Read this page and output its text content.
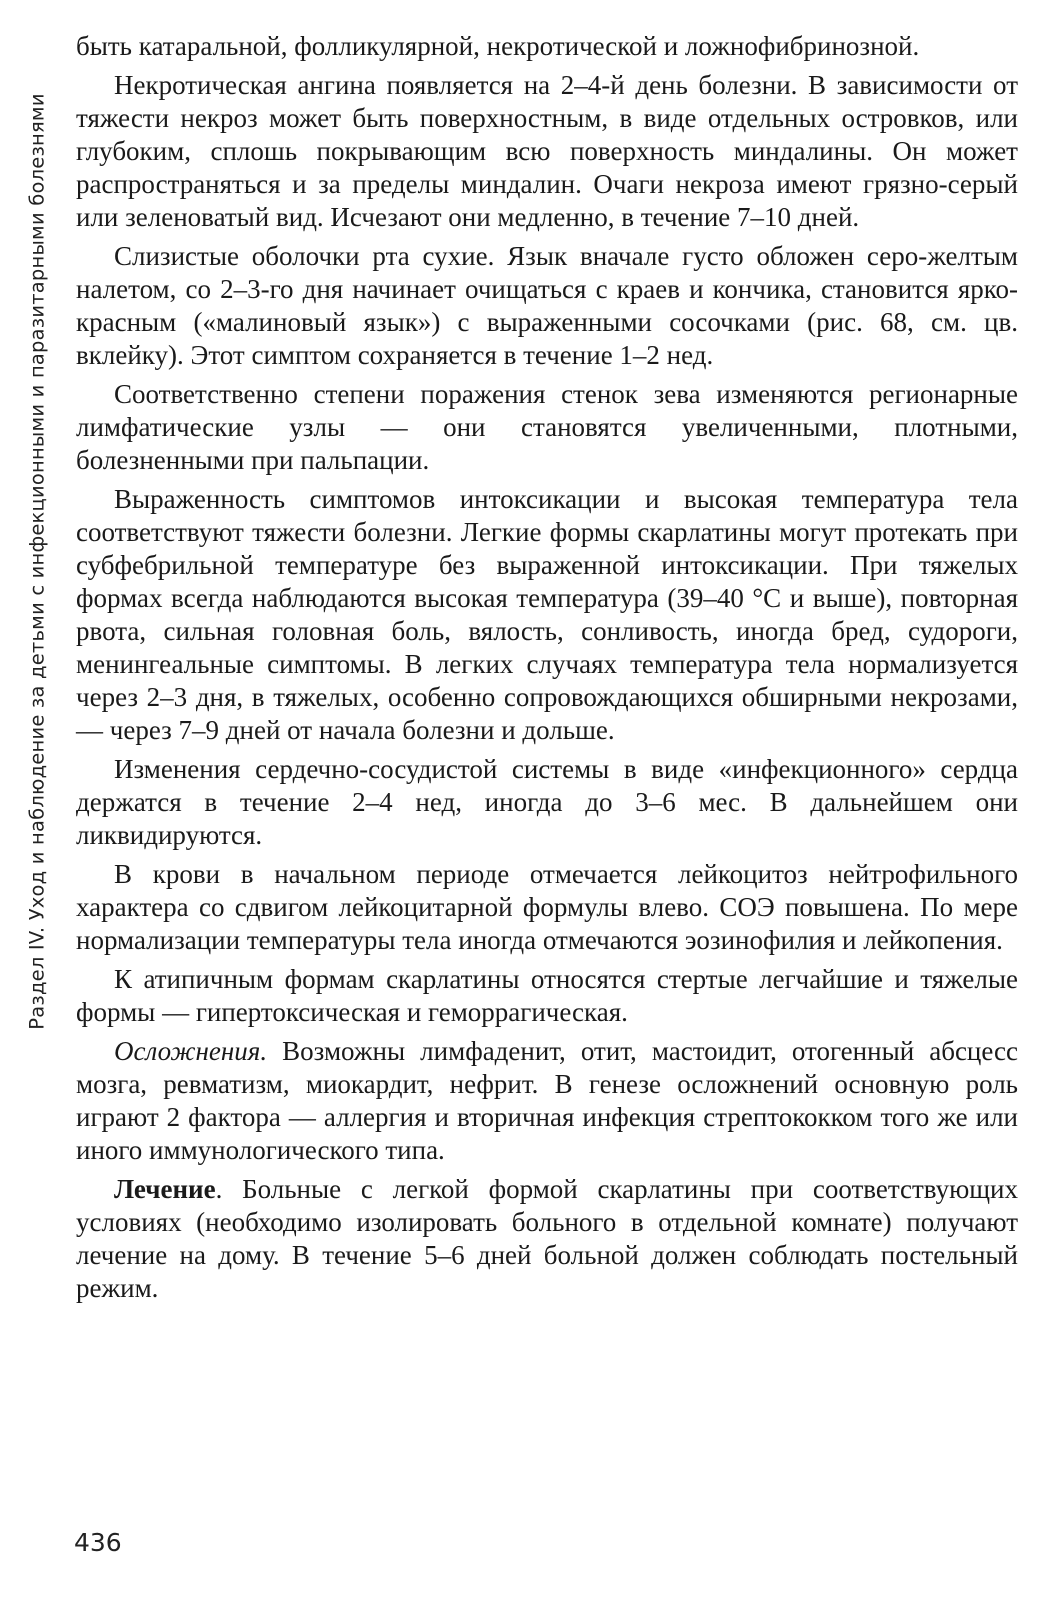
Раздел IV. Уход и наблюдение за детьми с инфекционными и паразитарными болезнями

быть катаральной, фолликулярной, некротической и ложнофибринозной.

Некротическая ангина появляется на 2–4-й день болезни. В зависимости от тяжести некроз может быть поверхностным, в виде отдельных островков, или глубоким, сплошь покрывающим всю поверхность миндалины. Он может распространяться и за пределы миндалин. Очаги некроза имеют грязно-серый или зеленоватый вид. Исчезают они медленно, в течение 7–10 дней.

Слизистые оболочки рта сухие. Язык вначале густо обложен серо-желтым налетом, со 2–3-го дня начинает очищаться с краев и кончика, становится ярко-красным («малиновый язык») с выраженными сосочками (рис. 68, см. цв. вклейку). Этот симптом сохраняется в течение 1–2 нед.

Соответственно степени поражения стенок зева изменяются регионарные лимфатические узлы — они становятся увеличенными, плотными, болезненными при пальпации.

Выраженность симптомов интоксикации и высокая температура тела соответствуют тяжести болезни. Легкие формы скарлатины могут протекать при субфебрильной температуре без выраженной интоксикации. При тяжелых формах всегда наблюдаются высокая температура (39–40 °С и выше), повторная рвота, сильная головная боль, вялость, сонливость, иногда бред, судороги, менингеальные симптомы. В легких случаях температура тела нормализуется через 2–3 дня, в тяжелых, особенно сопровождающихся обширными некрозами, — через 7–9 дней от начала болезни и дольше.

Изменения сердечно-сосудистой системы в виде «инфекционного» сердца держатся в течение 2–4 нед, иногда до 3–6 мес. В дальнейшем они ликвидируются.

В крови в начальном периоде отмечается лейкоцитоз нейтрофильного характера со сдвигом лейкоцитарной формулы влево. СОЭ повышена. По мере нормализации температуры тела иногда отмечаются эозинофилия и лейкопения.

К атипичным формам скарлатины относятся стертые легчайшие и тяжелые формы — гипертоксическая и геморрагическая.

Осложнения. Возможны лимфаденит, отит, мастоидит, отогенный абсцесс мозга, ревматизм, миокардит, нефрит. В генезе осложнений основную роль играют 2 фактора — аллергия и вторичная инфекция стрептококком того же или иного иммунологического типа.

Лечение. Больные с легкой формой скарлатины при соответствующих условиях (необходимо изолировать больного в отдельной комнате) получают лечение на дому. В течение 5–6 дней больной должен соблюдать постельный режим.

436
